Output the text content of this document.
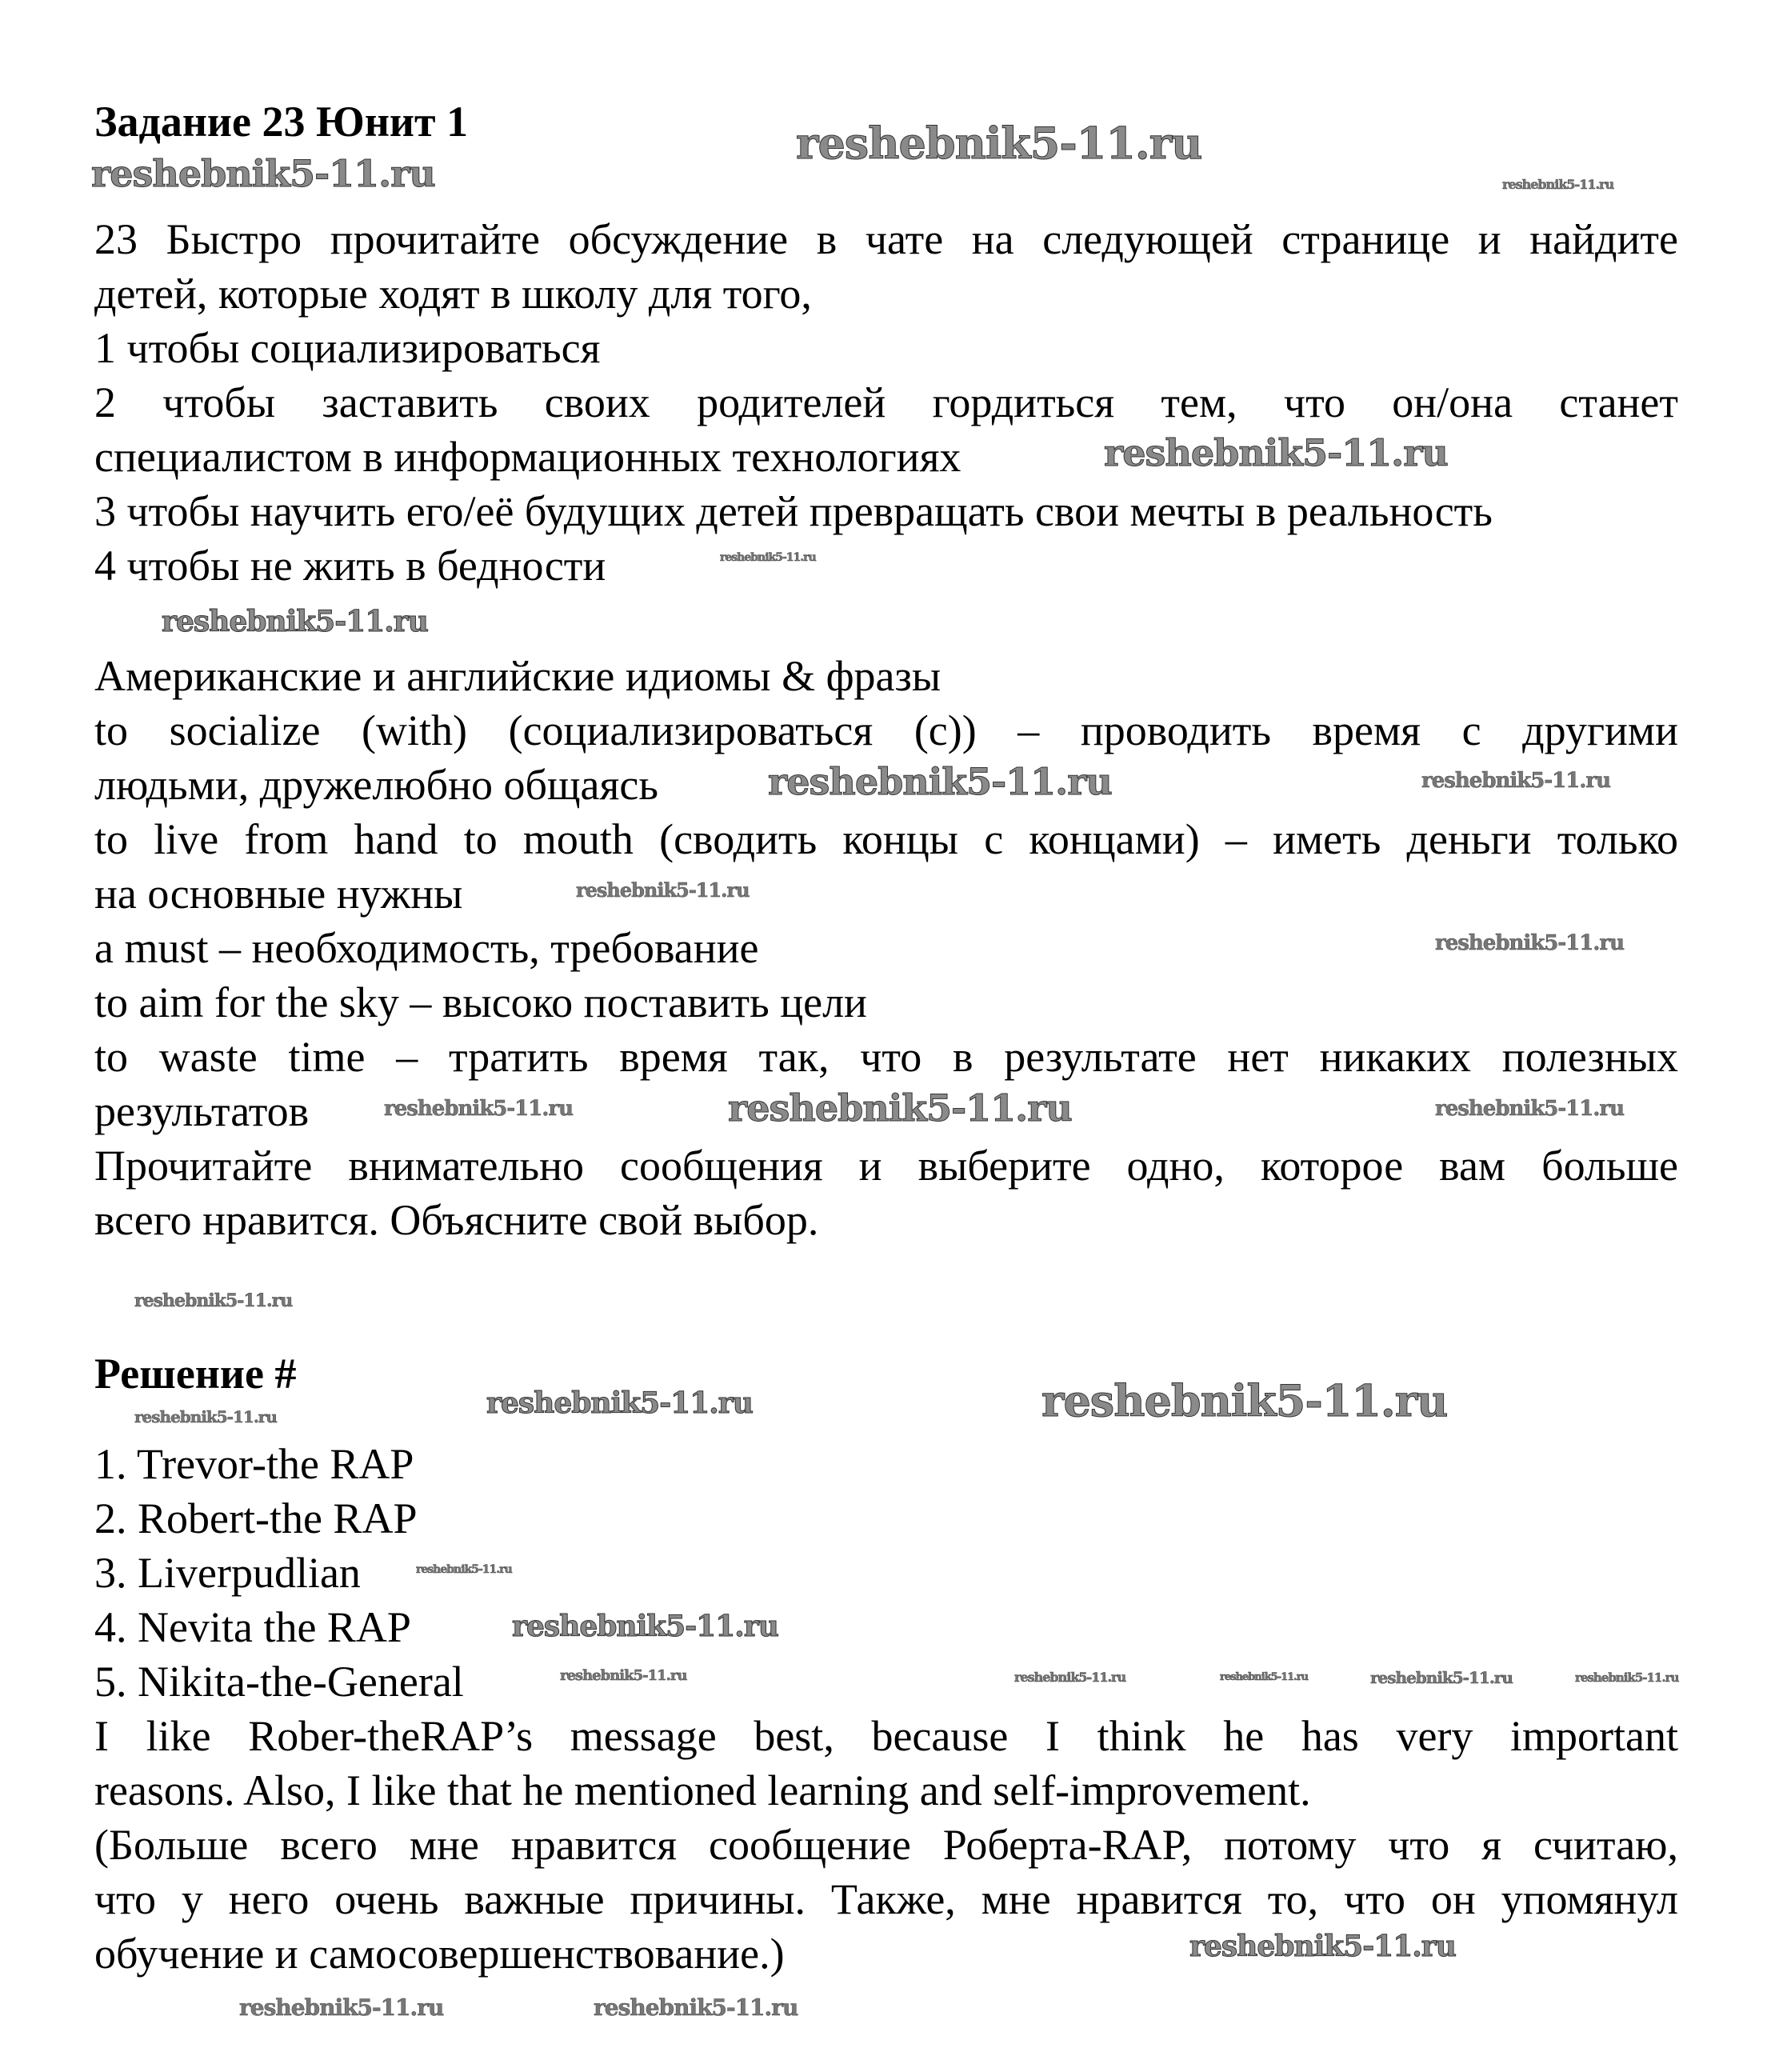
Задание 23 Юнит 1
23 Быстро прочитайте обсуждение в чате на следующей странице и найдите
детей, которые ходят в школу для того,
1 чтобы социализироваться
2 чтобы заставить своих родителей гордиться тем, что он/она станет
специалистом в информационных технологиях
3 чтобы научить его/её будущих детей превращать свои мечты в реальность
4 чтобы не жить в бедности
Американские и английские идиомы & фразы
to socialize (with) (социализироваться (с)) – проводить время с другими
людьми, дружелюбно общаясь
to live from hand to mouth (сводить концы с концами) – иметь деньги только
на основные нужны
a must – необходимость, требование
to aim for the sky – высоко поставить цели
to waste time – тратить время так, что в результате нет никаких полезных
результатов
Прочитайте внимательно сообщения и выберите одно, которое вам больше
всего нравится. Объясните свой выбор.
Решение #
1. Trevor-the RAP
2. Robert-the RAP
3. Liverpudlian
4. Nevita the RAP
5. Nikita-the-General
I like Rober-theRAP’s message best, because I think he has very important
reasons. Also, I like that he mentioned learning and self-improvement.
(Больше всего мне нравится сообщение Роберта-RAP, потому что я считаю,
что у него очень важные причины. Также, мне нравится то, что он упомянул
обучение и самосовершенствование.)
reshebnik5-11.ru
reshebnik5-11.ru
reshebnik5-11.ru
reshebnik5-11.ru
reshebnik5-11.ru
reshebnik5-11.ru
reshebnik5-11.ru	reshebnik5-11.ru
reshebnik5-11.ru
reshebnik5-11.ru
reshebnik5-11.ru	reshebnik5-11.ru	reshebnik5-11.ru
reshebnik5-11.ru
reshebnik5-11.ru	reshebnik5-11.ru	reshebnik5-11.ru
reshebnik5-11.ru
reshebnik5-11.ru
reshebnik5-11.ru	reshebnik5-11.ru	reshebnik5-11.ru	reshebnik5-11.ru	reshebnik5-11.ru
reshebnik5-11.ru	reshebnik5-11.ru
reshebnik5-11.ru
